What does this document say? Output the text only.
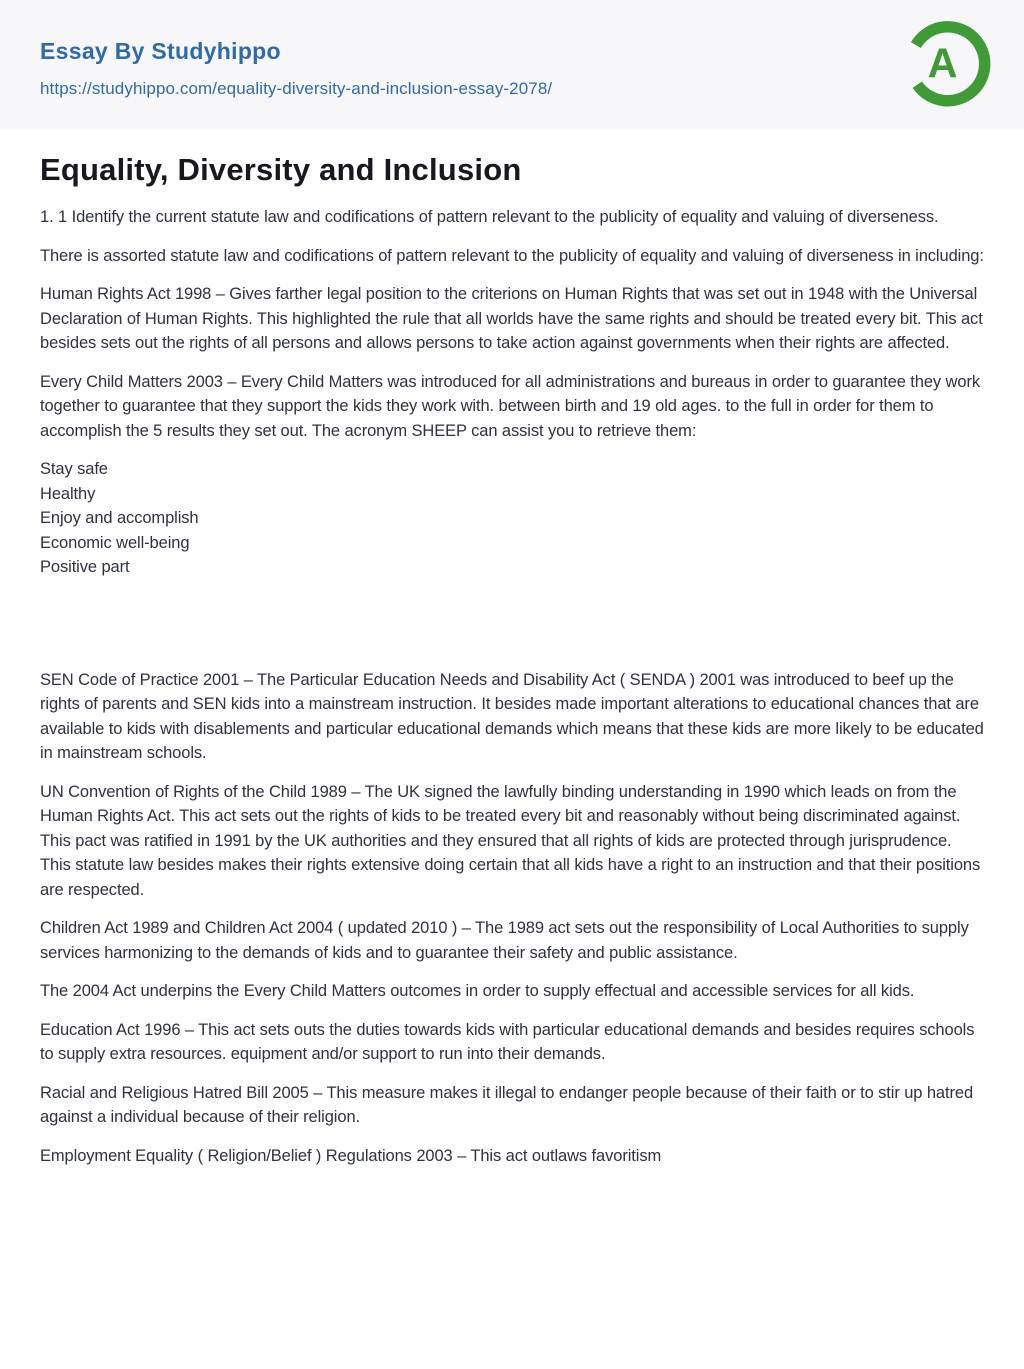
Essay By Studyhippo
https://studyhippo.com/equality-diversity-and-inclusion-essay-2078/
A
Equality, Diversity and Inclusion

1. 1 Identify the current statute law and codifications of pattern relevant to the publicity of equality and valuing of diverseness.

There is assorted statute law and codifications of pattern relevant to the publicity of equality and valuing of diverseness in including:

Human Rights Act 1998 – Gives farther legal position to the criterions on Human Rights that was set out in 1948 with the Universal Declaration of Human Rights. This highlighted the rule that all worlds have the same rights and should be treated every bit. This act besides sets out the rights of all persons and allows persons to take action against governments when their rights are affected.

Every Child Matters 2003 – Every Child Matters was introduced for all administrations and bureaus in order to guarantee they work together to guarantee that they support the kids they work with. between birth and 19 old ages. to the full in order for them to accomplish the 5 results they set out. The acronym SHEEP can assist you to retrieve them:

Stay safe
Healthy
Enjoy and accomplish
Economic well-being
Positive part

SEN Code of Practice 2001 – The Particular Education Needs and Disability Act ( SENDA ) 2001 was introduced to beef up the rights of parents and SEN kids into a mainstream instruction. It besides made important alterations to educational chances that are available to kids with disablements and particular educational demands which means that these kids are more likely to be educated in mainstream schools.

UN Convention of Rights of the Child 1989 – The UK signed the lawfully binding understanding in 1990 which leads on from the Human Rights Act. This act sets out the rights of kids to be treated every bit and reasonably without being discriminated against. This pact was ratified in 1991 by the UK authorities and they ensured that all rights of kids are protected through jurisprudence. This statute law besides makes their rights extensive doing certain that all kids have a right to an instruction and that their positions are respected.

Children Act 1989 and Children Act 2004 ( updated 2010 ) – The 1989 act sets out the responsibility of Local Authorities to supply services harmonizing to the demands of kids and to guarantee their safety and public assistance.

The 2004 Act underpins the Every Child Matters outcomes in order to supply effectual and accessible services for all kids.

Education Act 1996 – This act sets outs the duties towards kids with particular educational demands and besides requires schools to supply extra resources. equipment and/or support to run into their demands.

Racial and Religious Hatred Bill 2005 – This measure makes it illegal to endanger people because of their faith or to stir up hatred against a individual because of their religion.

Employment Equality ( Religion/Belief ) Regulations 2003 – This act outlaws favoritism
